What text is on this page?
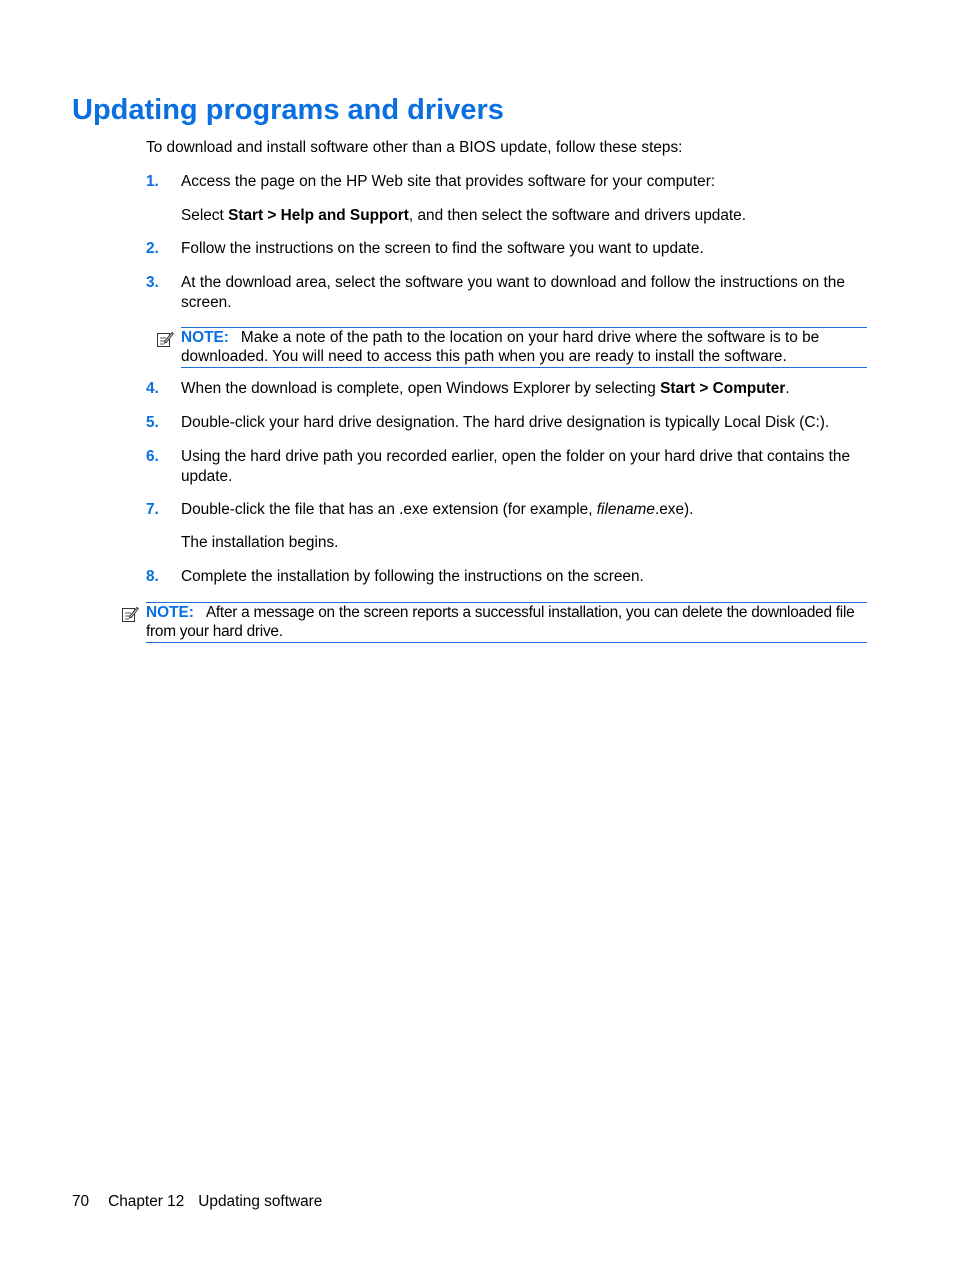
Updating programs and drivers

To download and install software other than a BIOS update, follow these steps:

1. Access the page on the HP Web site that provides software for your computer:

Select Start > Help and Support, and then select the software and drivers update.

2. Follow the instructions on the screen to find the software you want to update.
3. At the download area, select the software you want to download and follow the instructions on the screen.
NOTE: Make a note of the path to the location on your hard drive where the software is to be downloaded. You will need to access this path when you are ready to install the software.
4. When the download is complete, open Windows Explorer by selecting Start > Computer.
5. Double-click your hard drive designation. The hard drive designation is typically Local Disk (C:).
6. Using the hard drive path you recorded earlier, open the folder on your hard drive that contains the update.
7. Double-click the file that has an .exe extension (for example, filename.exe).

The installation begins.

8. Complete the installation by following the instructions on the screen.
NOTE: After a message on the screen reports a successful installation, you can delete the downloaded file from your hard drive.
70 Chapter 12 Updating software
